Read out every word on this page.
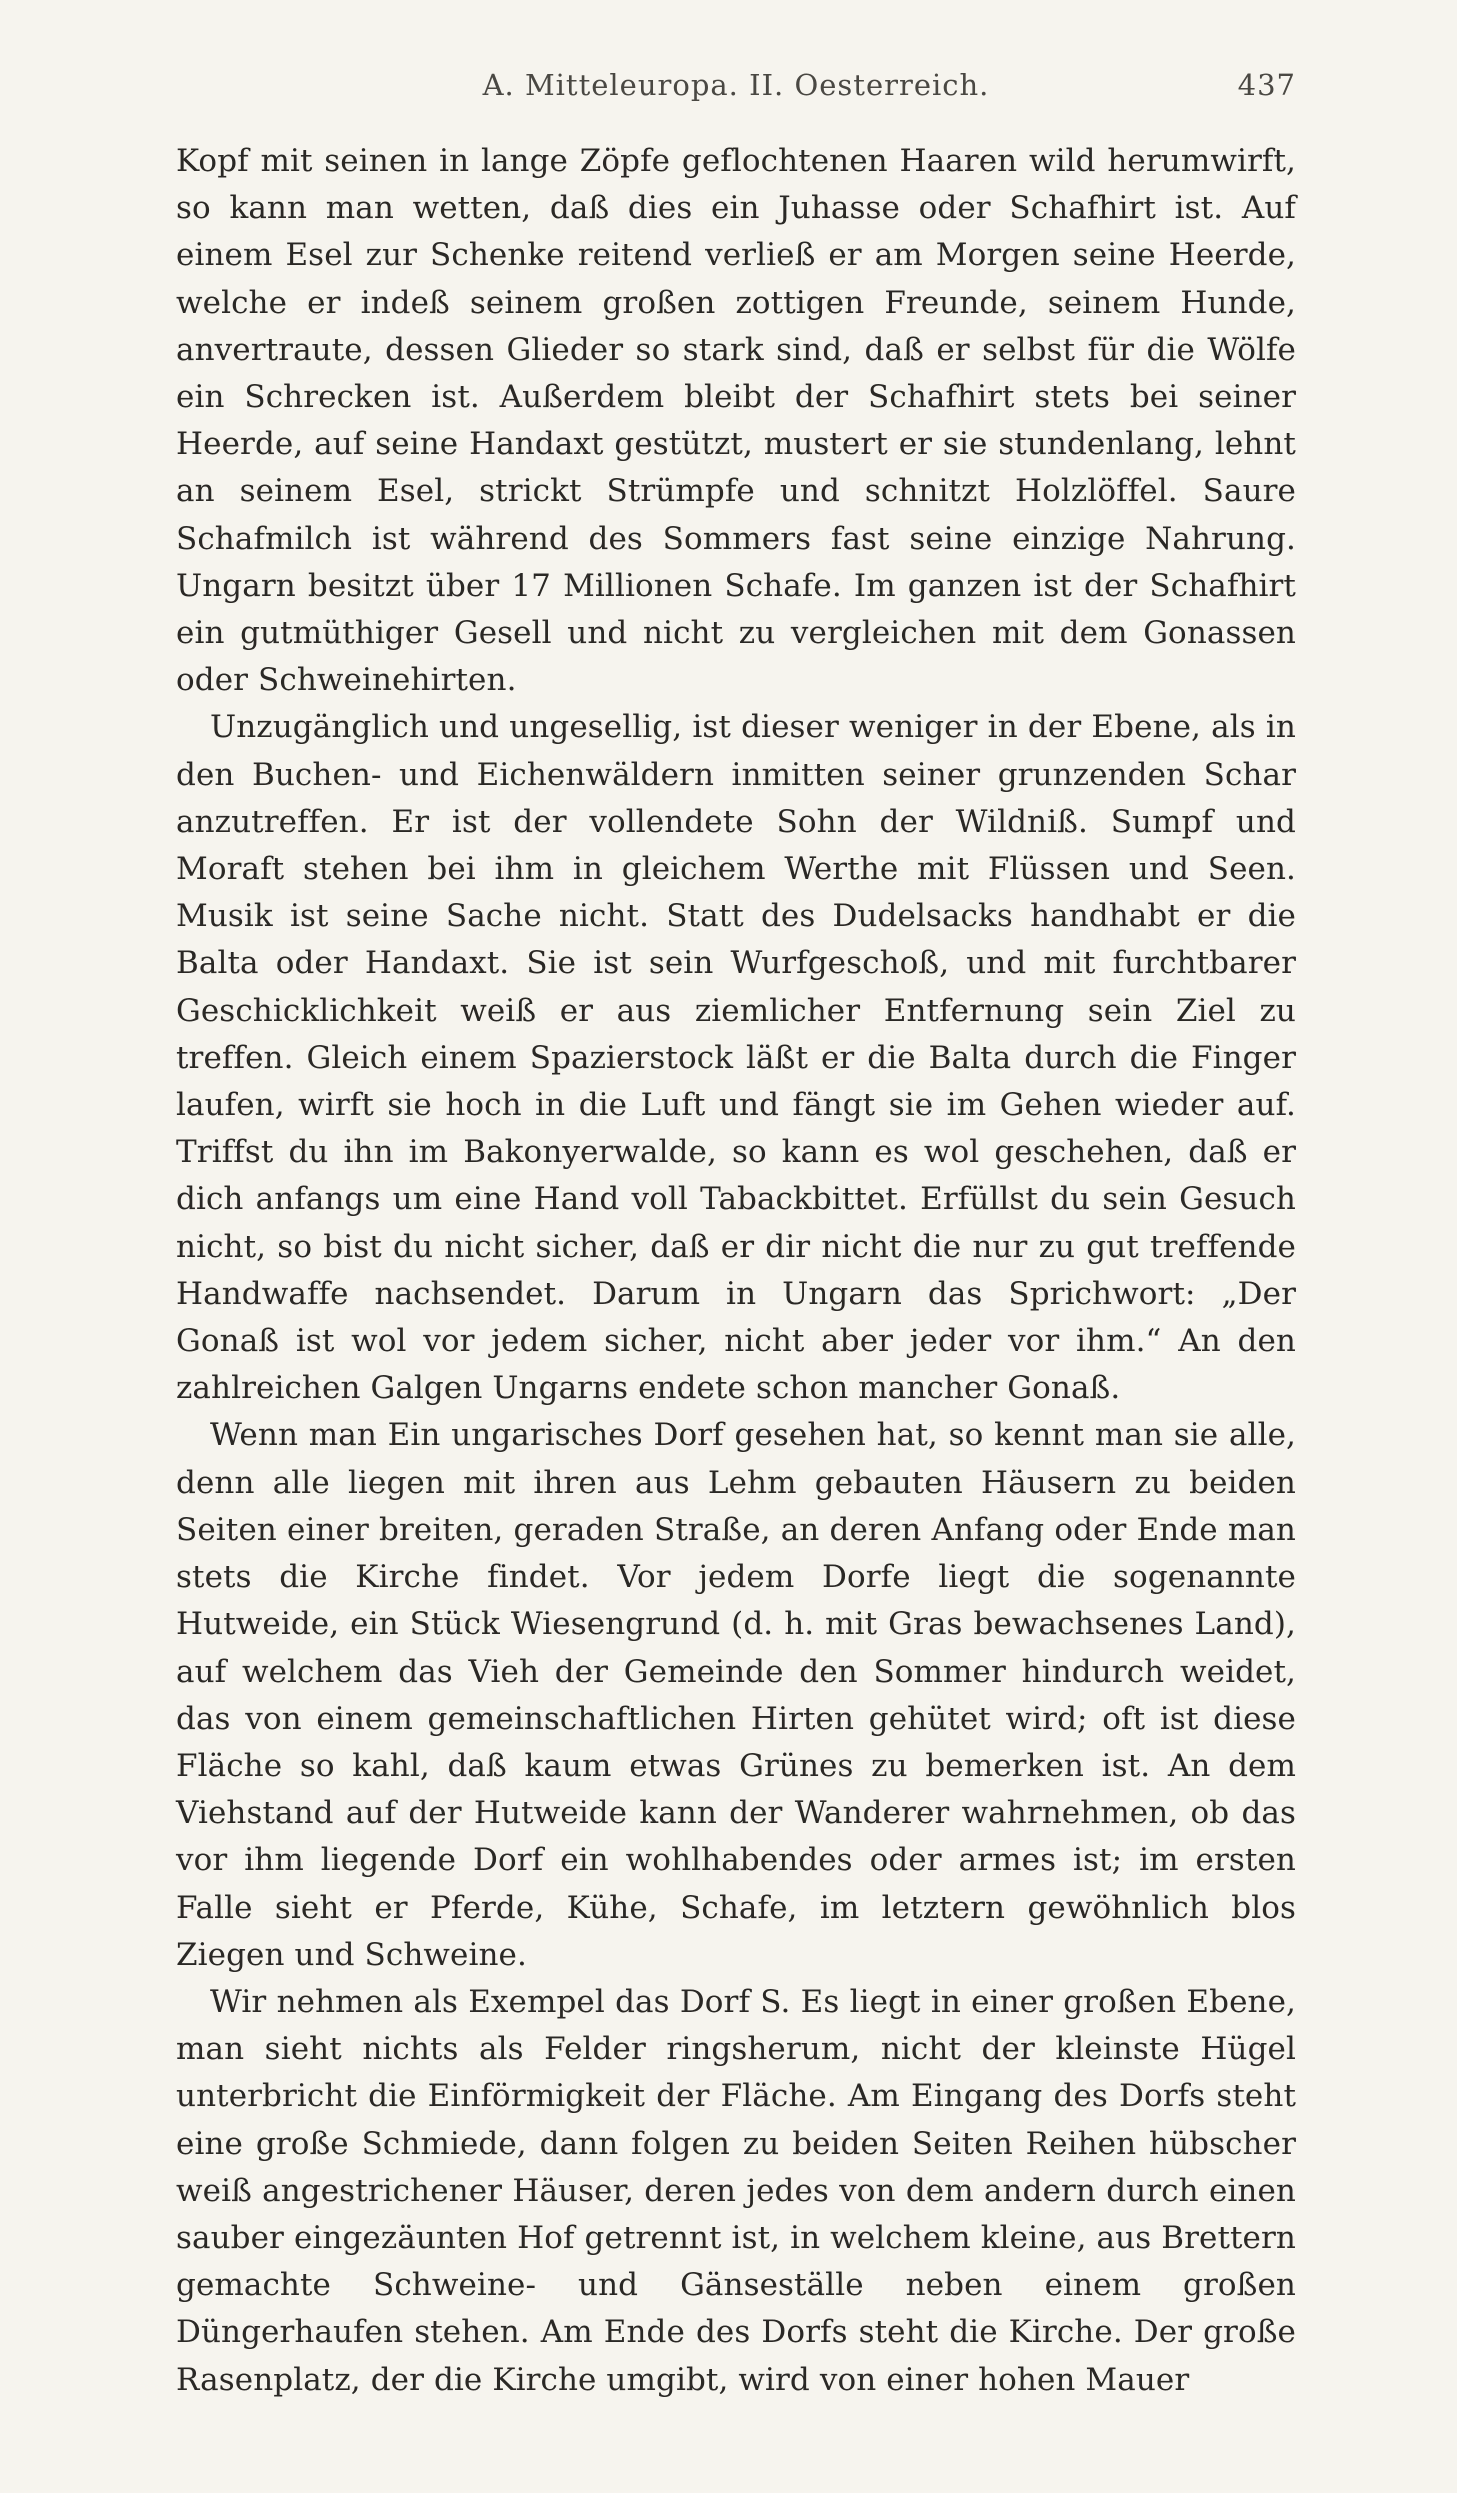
A. Mitteleuropa. II. Oesterreich.	437

Kopf mit seinen in lange Zöpfe geflochtenen Haaren wild herumwirft, so kann man wetten, daß dies ein Juhasse oder Schafhirt ist. Auf einem Esel zur Schenke reitend verließ er am Morgen seine Heerde, welche er indeß seinem großen zottigen Freunde, seinem Hunde, anvertraute, dessen Glieder so stark sind, daß er selbst für die Wölfe ein Schrecken ist. Außerdem bleibt der Schafhirt stets bei seiner Heerde, auf seine Handaxt gestützt, mustert er sie stundenlang, lehnt an seinem Esel, strickt Strümpfe und schnitzt Holzlöffel. Saure Schafmilch ist während des Sommers fast seine einzige Nahrung. Ungarn besitzt über 17 Millionen Schafe. Im ganzen ist der Schafhirt ein gutmüthiger Gesell und nicht zu vergleichen mit dem Gonassen oder Schweinehirten.

Unzugänglich und ungesellig, ist dieser weniger in der Ebene, als in den Buchen- und Eichenwäldern inmitten seiner grunzenden Schar anzutreffen. Er ist der vollendete Sohn der Wildniß. Sumpf und Moraft stehen bei ihm in gleichem Werthe mit Flüssen und Seen. Musik ist seine Sache nicht. Statt des Dudelsacks handhabt er die Balta oder Handaxt. Sie ist sein Wurfgeschoß, und mit furchtbarer Geschicklichkeit weiß er aus ziemlicher Entfernung sein Ziel zu treffen. Gleich einem Spazierstock läßt er die Balta durch die Finger laufen, wirft sie hoch in die Luft und fängt sie im Gehen wieder auf. Triffst du ihn im Bakonyerwalde, so kann es wol geschehen, daß er dich anfangs um eine Hand voll Tabackbittet. Erfüllst du sein Gesuch nicht, so bist du nicht sicher, daß er dir nicht die nur zu gut treffende Handwaffe nachsendet. Darum in Ungarn das Sprichwort: „Der Gonaß ist wol vor jedem sicher, nicht aber jeder vor ihm.“ An den zahlreichen Galgen Ungarns endete schon mancher Gonaß.

Wenn man Ein ungarisches Dorf gesehen hat, so kennt man sie alle, denn alle liegen mit ihren aus Lehm gebauten Häusern zu beiden Seiten einer breiten, geraden Straße, an deren Anfang oder Ende man stets die Kirche findet. Vor jedem Dorfe liegt die sogenannte Hutweide, ein Stück Wiesengrund (d. h. mit Gras bewachsenes Land), auf welchem das Vieh der Gemeinde den Sommer hindurch weidet, das von einem gemeinschaftlichen Hirten gehütet wird; oft ist diese Fläche so kahl, daß kaum etwas Grünes zu bemerken ist. An dem Viehstand auf der Hutweide kann der Wanderer wahrnehmen, ob das vor ihm liegende Dorf ein wohlhabendes oder armes ist; im ersten Falle sieht er Pferde, Kühe, Schafe, im letztern gewöhnlich blos Ziegen und Schweine.

Wir nehmen als Exempel das Dorf S. Es liegt in einer großen Ebene, man sieht nichts als Felder ringsherum, nicht der kleinste Hügel unterbricht die Einförmigkeit der Fläche. Am Eingang des Dorfs steht eine große Schmiede, dann folgen zu beiden Seiten Reihen hübscher weiß angestrichener Häuser, deren jedes von dem andern durch einen sauber eingezäunten Hof getrennt ist, in welchem kleine, aus Brettern gemachte Schweine- und Gänseställe neben einem großen Düngerhaufen stehen. Am Ende des Dorfs steht die Kirche. Der große Rasenplatz, der die Kirche umgibt, wird von einer hohen Mauer
